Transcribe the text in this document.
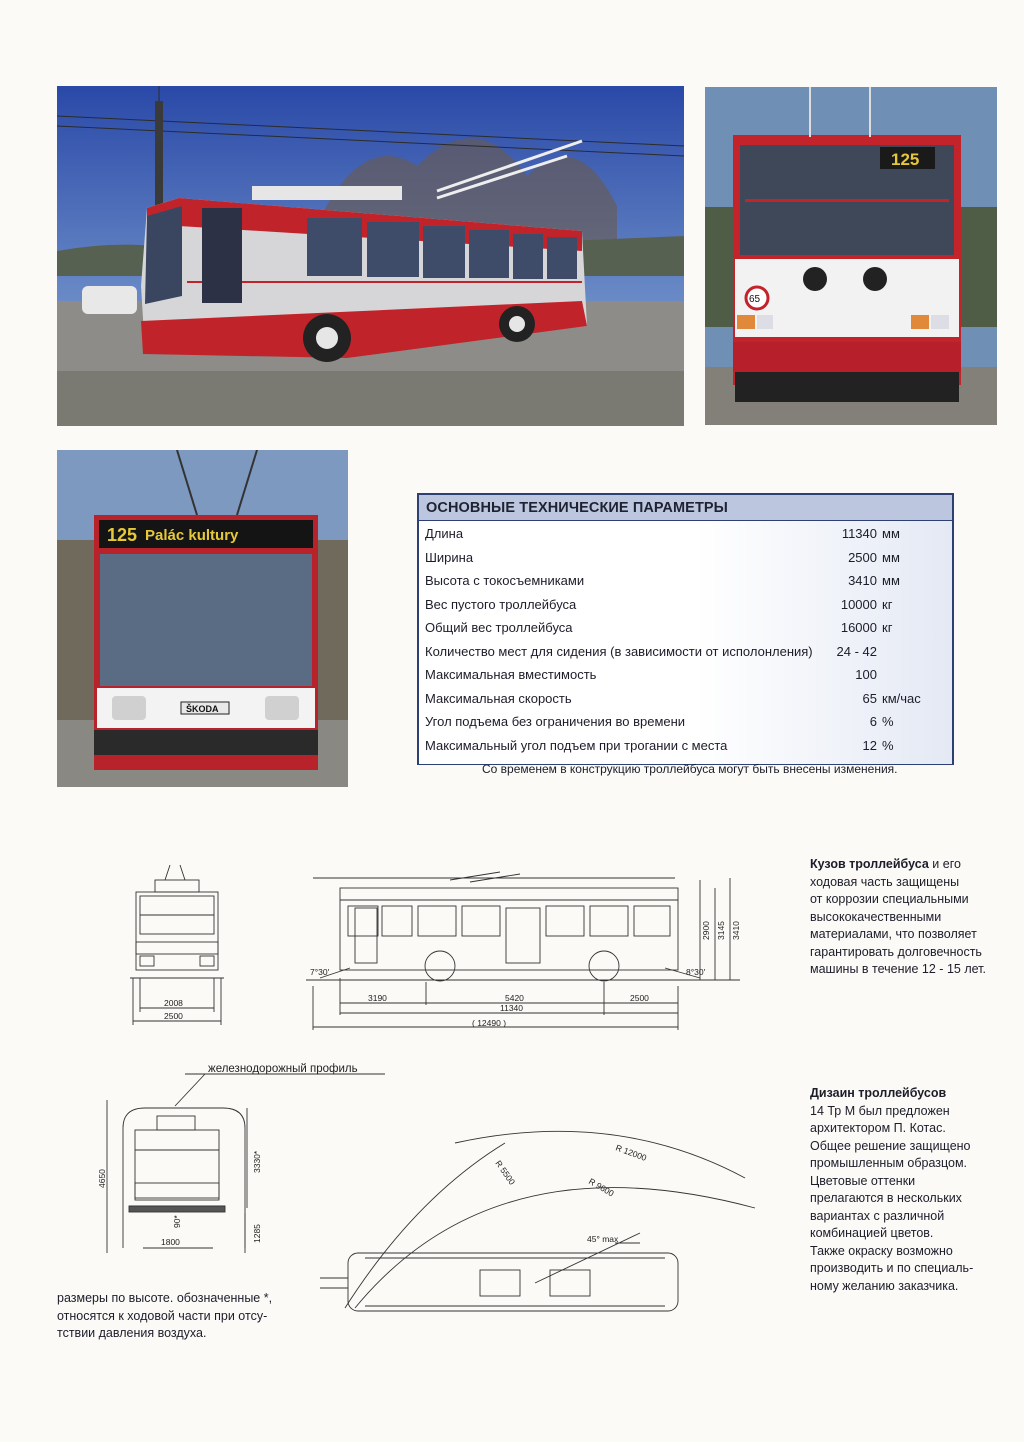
125
65
125 Palác kultury
ŠKODA
ОСНОВНЫЕ ТЕХНИЧЕСКИЕ ПАРАМЕТРЫ
Длина	11340 мм
Ширина	2500 мм
Высота с токосъемниками	3410 мм
Вес пустого троллейбуса	10000 кг
Общий вес троллейбуса	16000 кг
Количество мест для сидения (в зависимости от исполонления) 24 - 42
Максимальная вместимость	100
Максимальная скорость	65 км/час
Угол подъема без ограничения во времени	6 %
Максимальный угол подъем при трогании с места	12 %
Со временем в конструкцию троллейбуса могут быть внесены изменения.
2008
2500
3190	5420	2500
11340
( 12490 )
7°30'	8°30'
2900 3145 3410
Кузов троллейбуса и его
ходовая часть защищены
от коррозии специальными
высококачественными
материалами, что позволяет
гарантировать долговечность
машины в течение 12 - 15 лет.
железнодорожный профиль
4650
3330*
1800
90*
1285
R 12000
R 5500
R 9600
45° max
размеры по высоте. обозначенные *,
относятся к ходовой части при отсу-
тствии давления воздуха.
Дизаин троллейбусов
14 Тр М был предложен
архитектором П. Котас.
Общее решение защищено
промышленным образцом.
Цветовые оттенки
прелагаются в нескольких
вариантах с различной
комбинацией цветов.
Также окраску возможно
производить и по специаль-
ному желанию заказчика.
